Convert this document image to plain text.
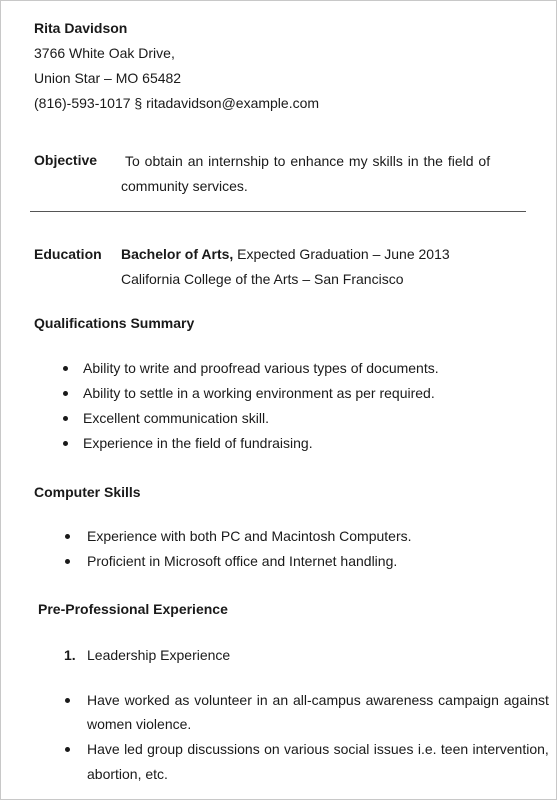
Rita Davidson
3766 White Oak Drive,
Union Star – MO 65482
(816)-593-1017 § ritadavidson@example.com
Objective To obtain an internship to enhance my skills in the field of
community services.
Education Bachelor of Arts, Expected Graduation – June 2013
California College of the Arts – San Francisco
Qualifications Summary
Ability to write and proofread various types of documents.
Ability to settle in a working environment as per required.
Excellent communication skill.
Experience in the field of fundraising.
Computer Skills
Experience with both PC and Macintosh Computers.
Proficient in Microsoft office and Internet handling.
Pre-Professional Experience
1. Leadership Experience
Have worked as volunteer in an all-campus awareness campaign against
women violence.
Have led group discussions on various social issues i.e. teen intervention,
abortion, etc.
